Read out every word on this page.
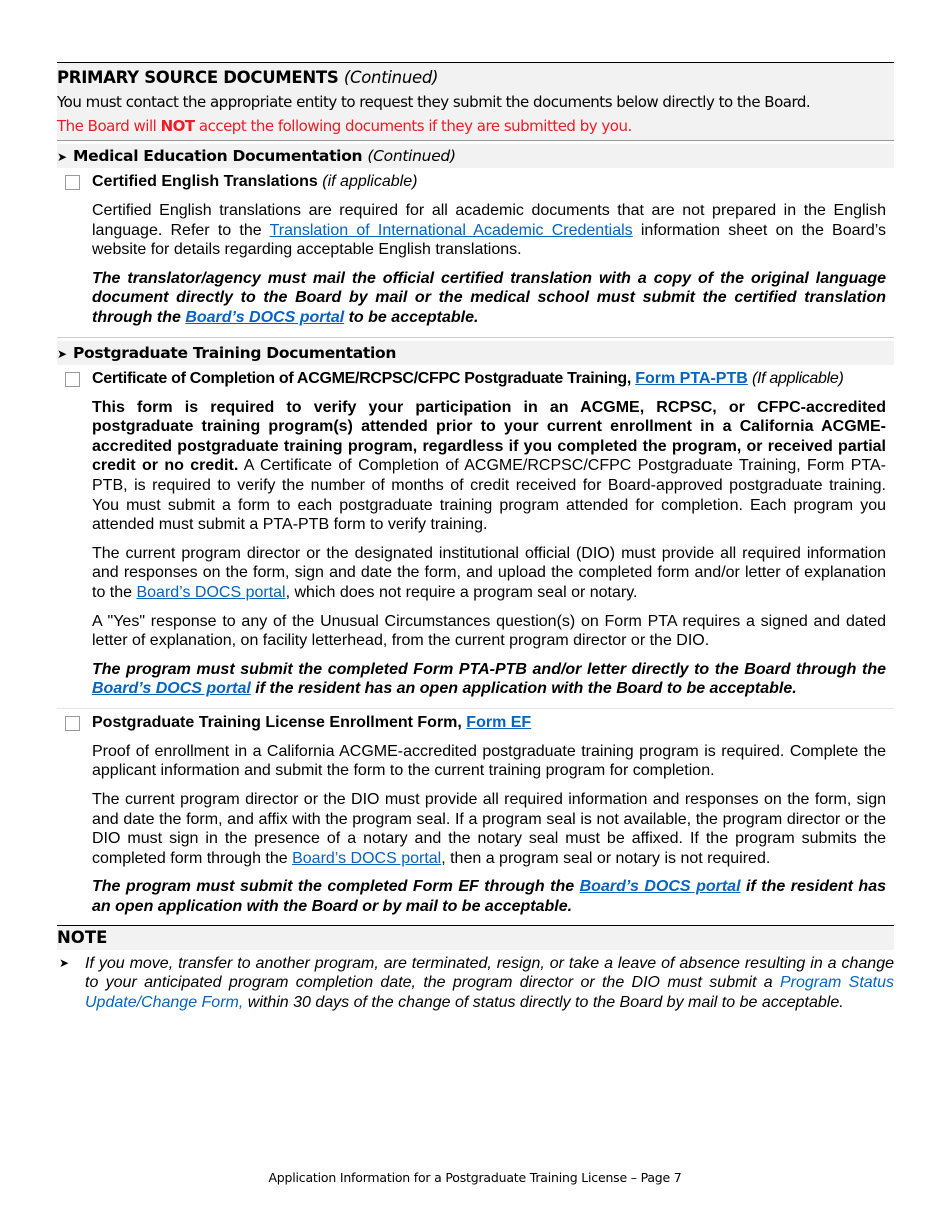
PRIMARY SOURCE DOCUMENTS (Continued)

You must contact the appropriate entity to request they submit the documents below directly to the Board.

The Board will NOT accept the following documents if they are submitted by you.

➤ Medical Education Documentation (Continued)
Certified English Translations (if applicable)

Certified English translations are required for all academic documents that are not prepared in the English language. Refer to the Translation of International Academic Credentials information sheet on the Board’s website for details regarding acceptable English translations.

The translator/agency must mail the official certified translation with a copy of the original language document directly to the Board by mail or the medical school must submit the certified translation through the Board’s DOCS portal to be acceptable.

➤ Postgraduate Training Documentation
Certificate of Completion of ACGME/RCPSC/CFPC Postgraduate Training, Form PTA-PTB (If applicable)

This form is required to verify your participation in an ACGME, RCPSC, or CFPC-accredited postgraduate training program(s) attended prior to your current enrollment in a California ACGME-accredited postgraduate training program, regardless if you completed the program, or received partial credit or no credit. A Certificate of Completion of ACGME/RCPSC/CFPC Postgraduate Training, Form PTA-PTB, is required to verify the number of months of credit received for Board-approved postgraduate training. You must submit a form to each postgraduate training program attended for completion. Each program you attended must submit a PTA-PTB form to verify training.

The current program director or the designated institutional official (DIO) must provide all required information and responses on the form, sign and date the form, and upload the completed form and/or letter of explanation to the Board’s DOCS portal, which does not require a program seal or notary.

A "Yes" response to any of the Unusual Circumstances question(s) on Form PTA requires a signed and dated letter of explanation, on facility letterhead, from the current program director or the DIO.

The program must submit the completed Form PTA-PTB and/or letter directly to the Board through the Board’s DOCS portal if the resident has an open application with the Board to be acceptable.

Postgraduate Training License Enrollment Form, Form EF

Proof of enrollment in a California ACGME-accredited postgraduate training program is required. Complete the applicant information and submit the form to the current training program for completion.

The current program director or the DIO must provide all required information and responses on the form, sign and date the form, and affix with the program seal. If a program seal is not available, the program director or the DIO must sign in the presence of a notary and the notary seal must be affixed. If the program submits the completed form through the Board’s DOCS portal, then a program seal or notary is not required.

The program must submit the completed Form EF through the Board’s DOCS portal if the resident has an open application with the Board or by mail to be acceptable.

NOTE

➤ If you move, transfer to another program, are terminated, resign, or take a leave of absence resulting in a change to your anticipated program completion date, the program director or the DIO must submit a Program Status Update/Change Form, within 30 days of the change of status directly to the Board by mail to be acceptable.

Application Information for a Postgraduate Training License – Page 7
